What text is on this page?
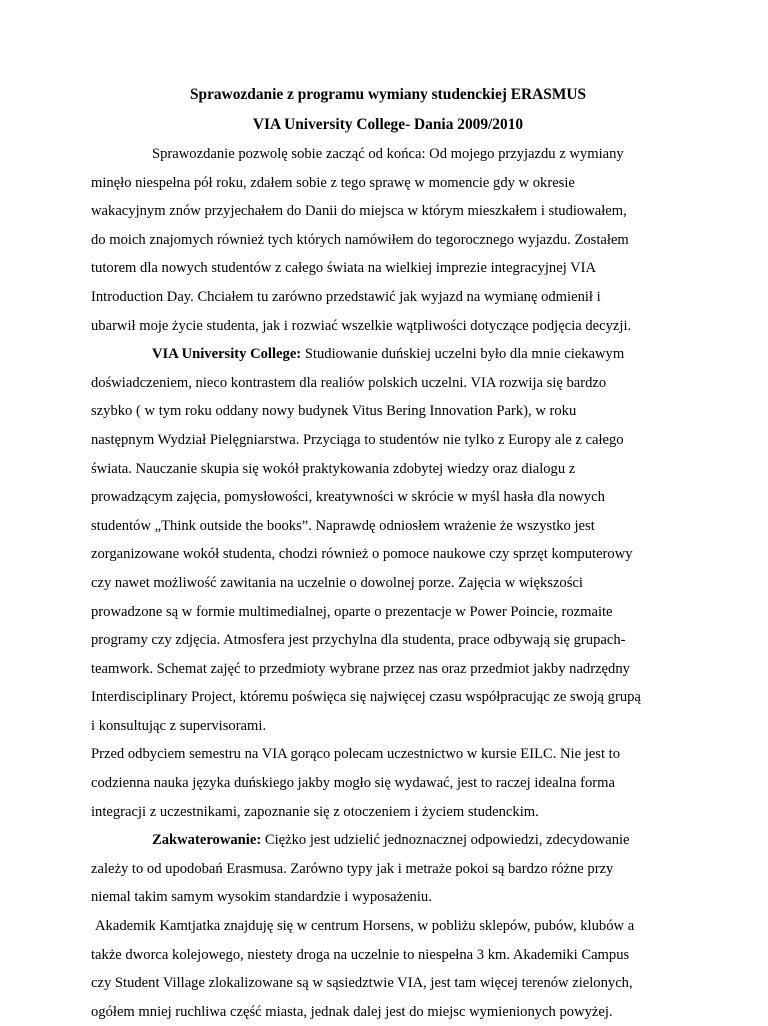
Sprawozdanie z programu wymiany studenckiej ERASMUS

VIA University College- Dania 2009/2010

Sprawozdanie pozwolę sobie zacząć od końca: Od mojego przyjazdu z wymiany
minęło niespełna pół roku, zdałem sobie z tego sprawę w momencie gdy w okresie
wakacyjnym znów przyjechałem do Danii do miejsca w którym mieszkałem i studiowałem,
do moich znajomych również tych których namówiłem do tegorocznego wyjazdu. Zostałem
tutorem dla nowych studentów z całego świata na wielkiej imprezie integracyjnej VIA
Introduction Day. Chciałem tu zarówno przedstawić jak wyjazd na wymianę odmienił i
ubarwił moje życie studenta, jak i rozwiać wszelkie wątpliwości dotyczące podjęcia decyzji.
VIA University College: Studiowanie duńskiej uczelni było dla mnie ciekawym
doświadczeniem, nieco kontrastem dla realiów polskich uczelni. VIA rozwija się bardzo
szybko ( w tym roku oddany nowy budynek Vitus Bering Innovation Park), w roku
następnym Wydział Pielęgniarstwa. Przyciąga to studentów nie tylko z Europy ale z całego
świata. Nauczanie skupia się wokół praktykowania zdobytej wiedzy oraz dialogu z
prowadzącym zajęcia, pomysłowości, kreatywności w skrócie w myśl hasła dla nowych
studentów „Think outside the books”. Naprawdę odniosłem wrażenie że wszystko jest
zorganizowane wokół studenta, chodzi również o pomoce naukowe czy sprzęt komputerowy
czy nawet możliwość zawitania na uczelnie o dowolnej porze. Zajęcia w większości
prowadzone są w formie multimedialnej, oparte o prezentacje w Power Poincie, rozmaite
programy czy zdjęcia. Atmosfera jest przychylna dla studenta, prace odbywają się grupach-
teamwork. Schemat zajęć to przedmioty wybrane przez nas oraz przedmiot jakby nadrzędny
Interdisciplinary Project, któremu poświęca się najwięcej czasu współpracując ze swoją grupą
i konsultując z supervisorami.
Przed odbyciem semestru na VIA gorąco polecam uczestnictwo w kursie EILC. Nie jest to
codzienna nauka języka duńskiego jakby mogło się wydawać, jest to raczej idealna forma
integracji z uczestnikami, zapoznanie się z otoczeniem i życiem studenckim.
Zakwaterowanie: Ciężko jest udzielić jednoznacznej odpowiedzi, zdecydowanie
zależy to od upodobań Erasmusa. Zarówno typy jak i metraże pokoi są bardzo różne przy
niemal takim samym wysokim standardzie i wyposażeniu.
Akademik Kamtjatka znajduję się w centrum Horsens, w pobliżu sklepów, pubów, klubów a
także dworca kolejowego, niestety droga na uczelnie to niespełna 3 km. Akademiki Campus
czy Student Village zlokalizowane są w sąsiedztwie VIA, jest tam więcej terenów zielonych,
ogółem mniej ruchliwa część miasta, jednak dalej jest do miejsc wymienionych powyżej.
